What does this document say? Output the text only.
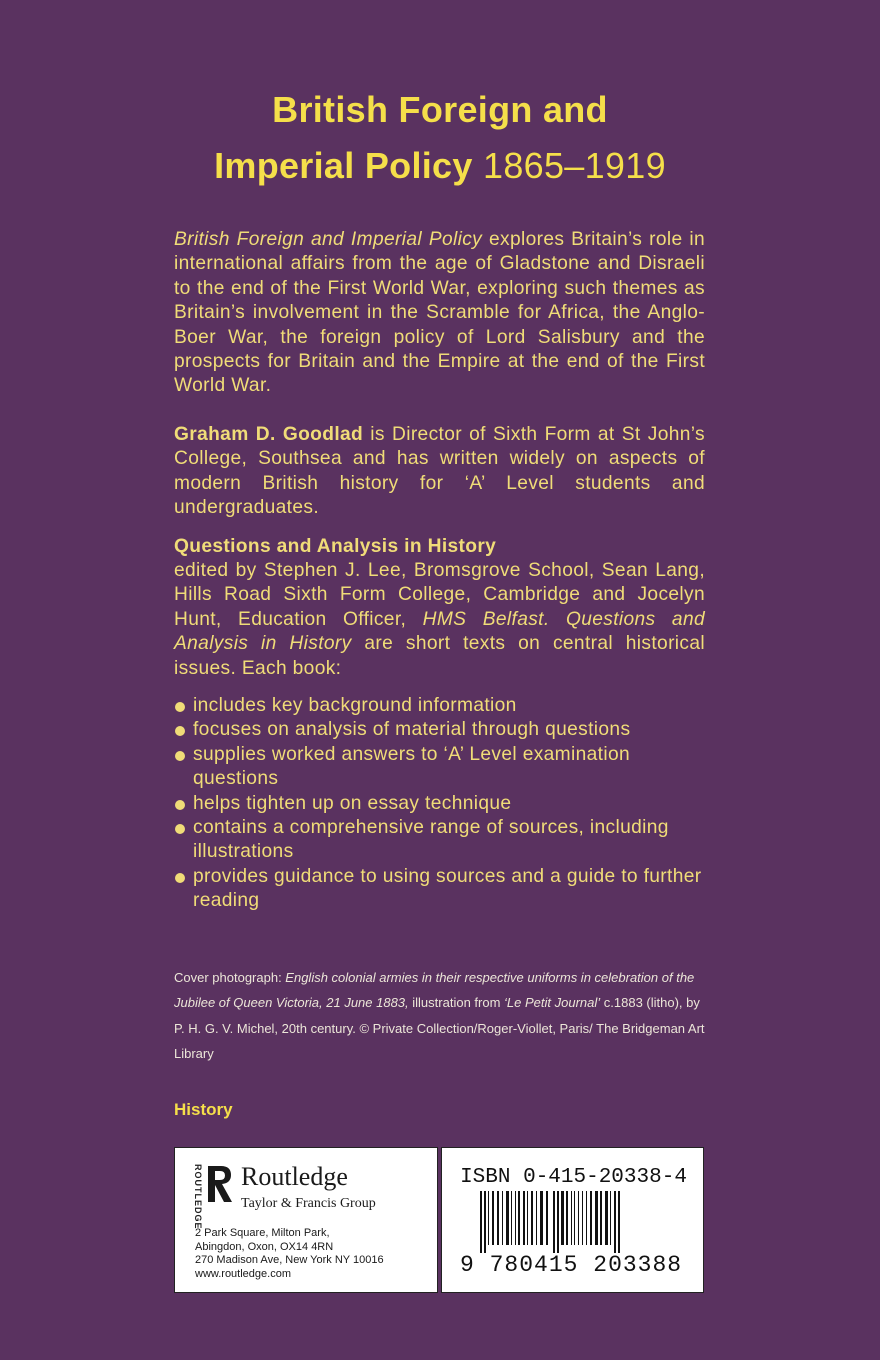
British Foreign and
Imperial Policy 1865–1919
British Foreign and Imperial Policy explores Britain’s role in international affairs from the age of Gladstone and Disraeli to the end of the First World War, exploring such themes as Britain’s involvement in the Scramble for Africa, the Anglo-Boer War, the foreign policy of Lord Salisbury and the prospects for Britain and the Empire at the end of the First World War.
Graham D. Goodlad is Director of Sixth Form at St John’s College, Southsea and has written widely on aspects of modern British history for ‘A’ Level students and undergraduates.
Questions and Analysis in History
edited by Stephen J. Lee, Bromsgrove School, Sean Lang, Hills Road Sixth Form College, Cambridge and Jocelyn Hunt, Education Officer, HMS Belfast. Questions and Analysis in History are short texts on central historical issues. Each book:
includes key background information
focuses on analysis of material through questions
supplies worked answers to ‘A’ Level examination questions
helps tighten up on essay technique
contains a comprehensive range of sources, including illustrations
provides guidance to using sources and a guide to further reading
Cover photograph: English colonial armies in their respective uniforms in celebration of the Jubilee of Queen Victoria, 21 June 1883, illustration from ‘Le Petit Journal’ c.1883 (litho), by P. H. G. V. Michel, 20th century. © Private Collection/Roger-Viollet, Paris/ The Bridgeman Art Library
History
ROUTLEDGE Routledge
Taylor & Francis Group
2 Park Square, Milton Park,
Abingdon, Oxon, OX14 4RN
270 Madison Ave, New York NY 10016
www.routledge.com
ISBN 0-415-20338-4
9 780415 203388
